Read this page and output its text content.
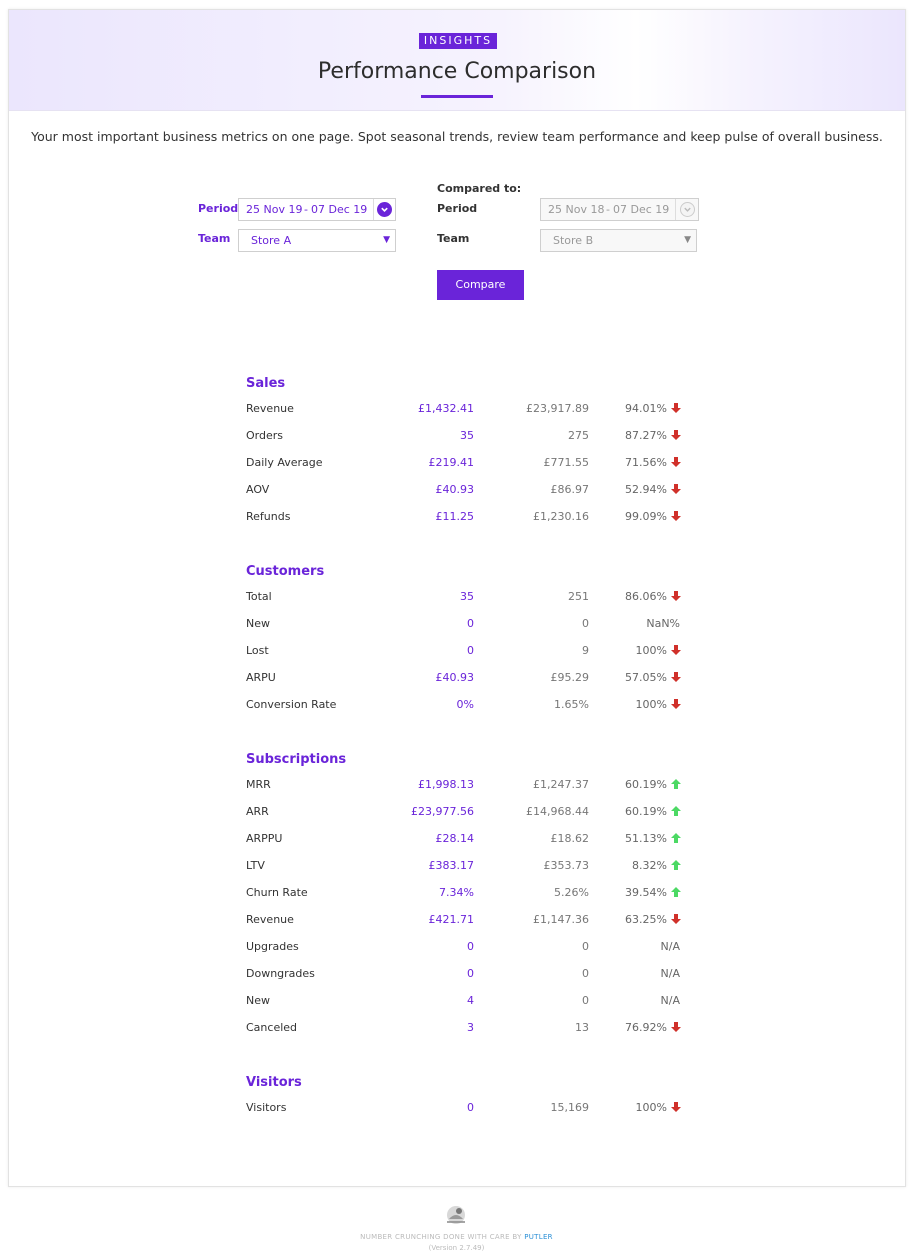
INSIGHTS
Performance Comparison
Your most important business metrics on one page. Spot seasonal trends, review team performance and keep pulse of overall business.
Period 25 Nov 19 - 07 Dec 19
Team	Store A	▼
Compared to:
Period	25 Nov 18 - 07 Dec 19
Team	Store B	▼
Compare
Sales
Revenue	£1,432.41	£23,917.89	94.01%
Orders	35	275	87.27%
Daily Average	£219.41	£771.55	71.56%
AOV	£40.93	£86.97	52.94%
Refunds	£11.25	£1,230.16	99.09%
Customers
Total	35	251	86.06%
New	0	0	NaN%
Lost	0	9	100%
ARPU	£40.93	£95.29	57.05%
Conversion Rate	0%	1.65%	100%
Subscriptions
MRR	£1,998.13	£1,247.37	60.19%
ARR	£23,977.56	£14,968.44	60.19%
ARPPU	£28.14	£18.62	51.13%
LTV	£383.17	£353.73	8.32%
Churn Rate	7.34%	5.26%	39.54%
Revenue	£421.71	£1,147.36	63.25%
Upgrades	0	0	N/A
Downgrades	0	0	N/A
New	4	0	N/A
Canceled	3	13	76.92%
Visitors
Visitors	0	15,169	100%
NUMBER CRUNCHING DONE WITH CARE BY PUTLER
(Version 2.7.49)
